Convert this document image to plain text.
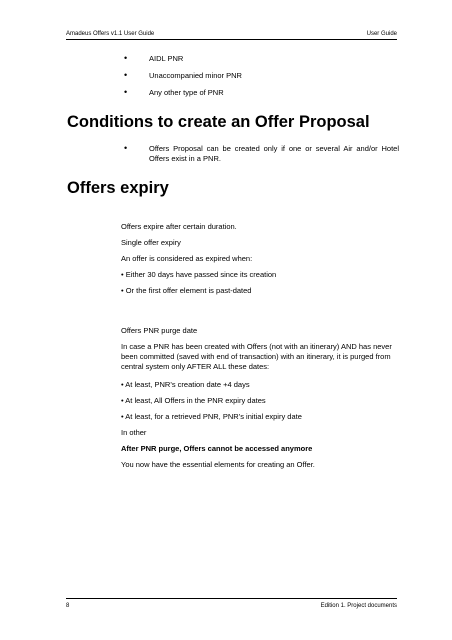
Amadeus Offers v1.1 User Guide	User Guide
• AIDL PNR
• Unaccompanied minor PNR
• Any other type of PNR
Conditions to create an Offer Proposal
• Offers Proposal can be created only if one or several Air and/or Hotel Offers exist in a PNR.
Offers expiry

Offers expire after certain duration.

Single offer expiry

An offer is considered as expired when:

• Either 30 days have passed since its creation

• Or the first offer element is past-dated

Offers PNR purge date

In case a PNR has been created with Offers (not with an itinerary) AND has never been committed (saved with end of transaction) with an itinerary, it is purged from central system only AFTER ALL these dates:

• At least, PNR’s creation date +4 days

• At least, All Offers in the PNR expiry dates

• At least, for a retrieved PNR, PNR’s initial expiry date

In other

After PNR purge, Offers cannot be accessed anymore

You now have the essential elements for creating an Offer.

8	Edition 1. Project documents
